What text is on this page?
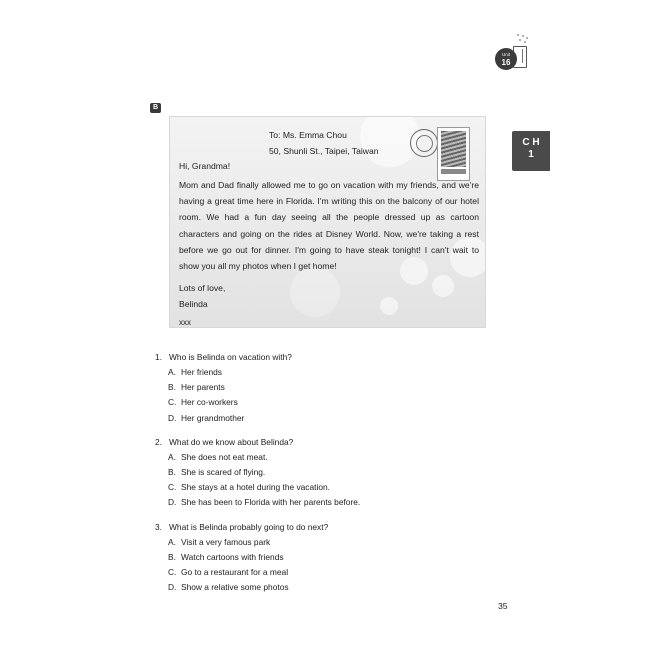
Unit
16
B
C H
1
To: Ms. Emma Chou
50, Shunli St., Taipei, Taiwan
Hi, Grandma!
Mom and Dad finally allowed me to go on vacation with my friends, and we're having a great time here in Florida. I'm writing this on the balcony of our hotel room. We had a fun day seeing all the people dressed up as cartoon characters and going on the rides at Disney World. Now, we're taking a rest before we go out for dinner. I'm going to have steak tonight! I can't wait to show you all my photos when I get home!
Lots of love,
Belinda
xxx
1. Who is Belinda on vacation with?
A. Her friends
B. Her parents
C. Her co-workers
D. Her grandmother
2. What do we know about Belinda?
A. She does not eat meat.
B. She is scared of flying.
C. She stays at a hotel during the vacation.
D. She has been to Florida with her parents before.
3. What is Belinda probably going to do next?
A. Visit a very famous park
B. Watch cartoons with friends
C. Go to a restaurant for a meal
D. Show a relative some photos
35
